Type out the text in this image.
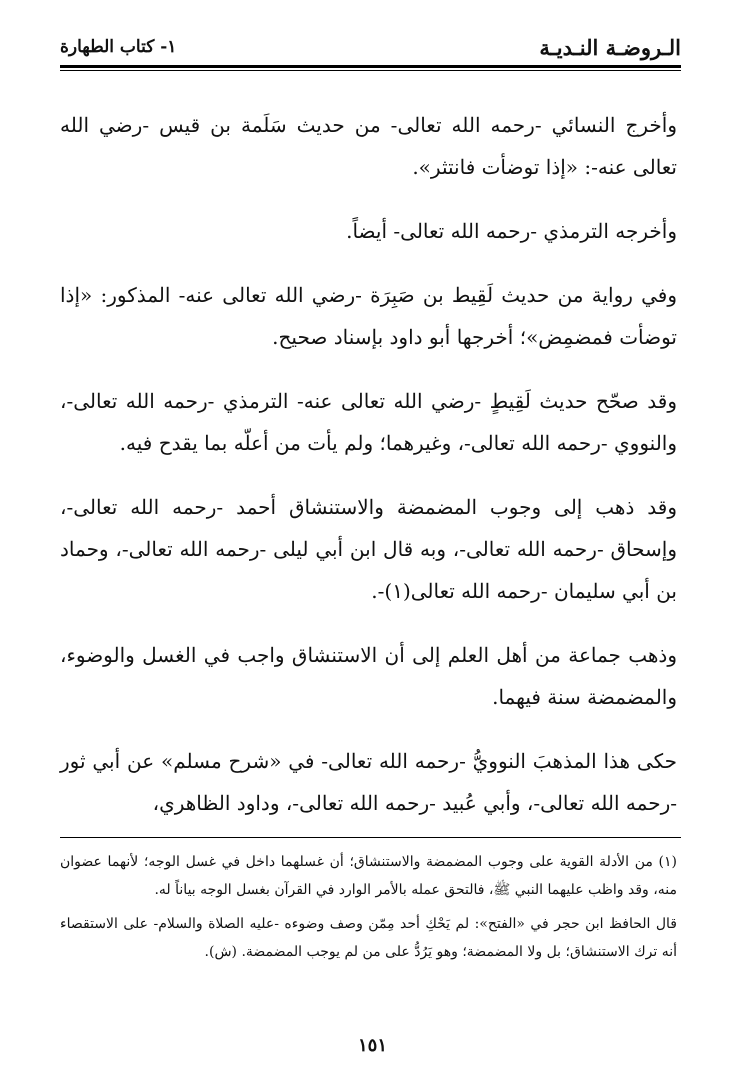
الـروضـة النـديـة
١- كتاب الطهارة

وأخرج النسائي -رحمه الله تعالى- من حديث سَلَمة بن قيس -رضي الله تعالى عنه-: «إذا توضأت فانتثر».

وأخرجه الترمذي -رحمه الله تعالى- أيضاً.

وفي رواية من حديث لَقِيط بن صَبِرَة -رضي الله تعالى عنه- المذكور: «إذا توضأت فمضمِض»؛ أخرجها أبو داود بإسناد صحيح.

وقد صحّح حديث لَقِيطٍ -رضي الله تعالى عنه- الترمذي -رحمه الله تعالى-، والنووي -رحمه الله تعالى-، وغيرهما؛ ولم يأت من أعلّه بما يقدح فيه.

وقد ذهب إلى وجوب المضمضة والاستنشاق أحمد -رحمه الله تعالى-، وإسحاق -رحمه الله تعالى-، وبه قال ابن أبي ليلى -رحمه الله تعالى-، وحماد بن أبي سليمان -رحمه الله تعالى(١)-.

وذهب جماعة من أهل العلم إلى أن الاستنشاق واجب في الغسل والوضوء، والمضمضة سنة فيهما.

حكى هذا المذهبَ النوويُّ -رحمه الله تعالى- في «شرح مسلم» عن أبي ثور -رحمه الله تعالى-، وأبي عُبيد -رحمه الله تعالى-، وداود الظاهري،

(١) من الأدلة القوية على وجوب المضمضة والاستنشاق؛ أن غسلهما داخل في غسل الوجه؛ لأنهما عضوان منه، وقد واظب عليهما النبي ﷺ، فالتحق عمله بالأمر الوارد في القرآن بغسل الوجه بياناً له.

قال الحافظ ابن حجر في «الفتح»: لم يَحْكِ أحد مِمّن وصف وضوءه -عليه الصلاة والسلام- على الاستقصاء أنه ترك الاستنشاق؛ بل ولا المضمضة؛ وهو يَرُدُّ على من لم يوجب المضمضة. (ش).

١٥١
